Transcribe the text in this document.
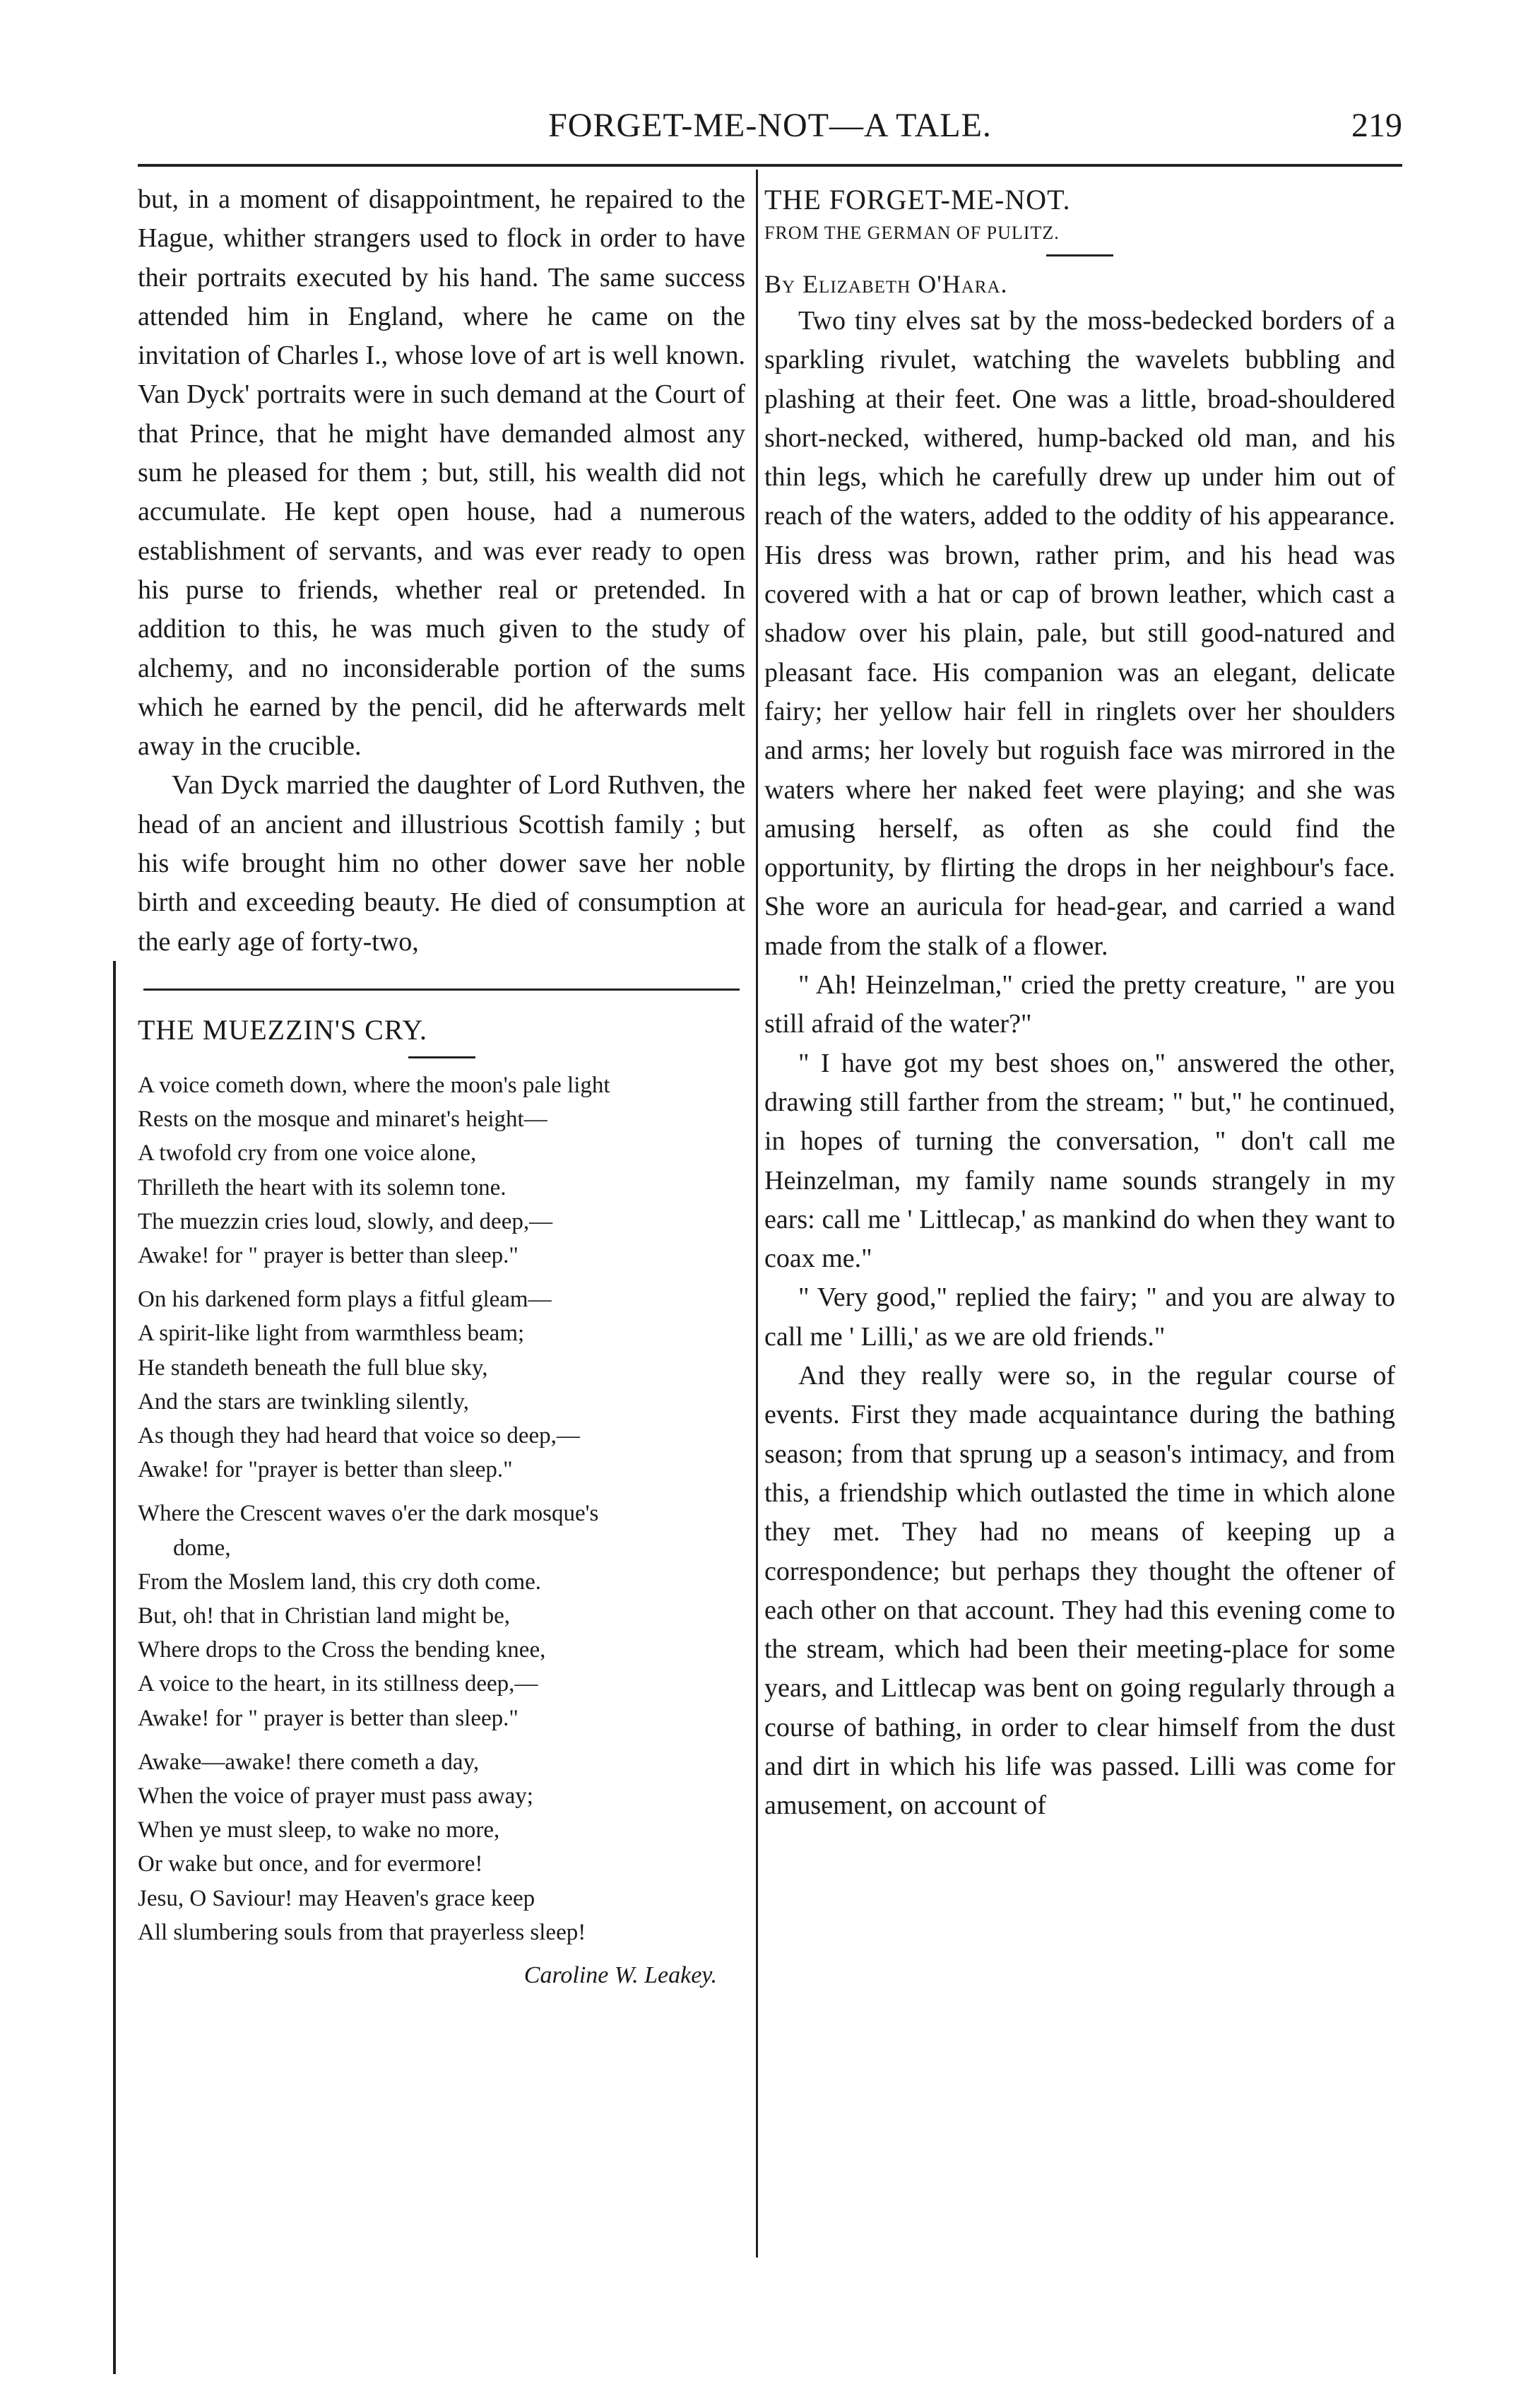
FORGET-ME-NOT—A TALE.	219

but, in a moment of disappointment, he repaired to the Hague, whither strangers used to flock in order to have their portraits executed by his hand. The same success attended him in England, where he came on the invitation of Charles I., whose love of art is well known. Van Dyck' portraits were in such demand at the Court of that Prince, that he might have demanded almost any sum he pleased for them ; but, still, his wealth did not accumulate. He kept open house, had a numerous establishment of servants, and was ever ready to open his purse to friends, whether real or pretended. In addition to this, he was much given to the study of alchemy, and no inconsiderable portion of the sums which he earned by the pencil, did he afterwards melt away in the crucible.

Van Dyck married the daughter of Lord Ruthven, the head of an ancient and illustrious Scottish family ; but his wife brought him no other dower save her noble birth and exceeding beauty. He died of consumption at the early age of forty-two,

THE MUEZZIN'S CRY.

A voice cometh down, where the moon's pale light
Rests on the mosque and minaret's height—
A twofold cry from one voice alone,
Thrilleth the heart with its solemn tone.
The muezzin cries loud, slowly, and deep,—
Awake! for " prayer is better than sleep."
On his darkened form plays a fitful gleam—
A spirit-like light from warmthless beam;
He standeth beneath the full blue sky,
And the stars are twinkling silently,
As though they had heard that voice so deep,—
Awake! for "prayer is better than sleep."
Where the Crescent waves o'er the dark mosque's
dome,
From the Moslem land, this cry doth come.
But, oh! that in Christian land might be,
Where drops to the Cross the bending knee,
A voice to the heart, in its stillness deep,—
Awake! for " prayer is better than sleep."
Awake—awake! there cometh a day,
When the voice of prayer must pass away;
When ye must sleep, to wake no more,
Or wake but once, and for evermore!
Jesu, O Saviour! may Heaven's grace keep
All slumbering souls from that prayerless sleep!
Caroline W. Leakey.

THE FORGET-ME-NOT.

FROM THE GERMAN OF PULITZ.

By Elizabeth O'Hara.

Two tiny elves sat by the moss-bedecked borders of a sparkling rivulet, watching the wavelets bubbling and plashing at their feet. One was a little, broad-shouldered short-necked, withered, hump-backed old man, and his thin legs, which he carefully drew up under him out of reach of the waters, added to the oddity of his appearance. His dress was brown, rather prim, and his head was covered with a hat or cap of brown leather, which cast a shadow over his plain, pale, but still good-natured and pleasant face. His companion was an elegant, delicate fairy; her yellow hair fell in ringlets over her shoulders and arms; her lovely but roguish face was mirrored in the waters where her naked feet were playing; and she was amusing herself, as often as she could find the opportunity, by flirting the drops in her neighbour's face. She wore an auricula for head-gear, and carried a wand made from the stalk of a flower.

" Ah! Heinzelman," cried the pretty creature, " are you still afraid of the water?"

" I have got my best shoes on," answered the other, drawing still farther from the stream; " but," he continued, in hopes of turning the conversation, " don't call me Heinzelman, my family name sounds strangely in my ears: call me ' Littlecap,' as mankind do when they want to coax me."

" Very good," replied the fairy; " and you are alway to call me ' Lilli,' as we are old friends."

And they really were so, in the regular course of events. First they made acquaintance during the bathing season; from that sprung up a season's intimacy, and from this, a friendship which outlasted the time in which alone they met. They had no means of keeping up a correspondence; but perhaps they thought the oftener of each other on that account. They had this evening come to the stream, which had been their meeting-place for some years, and Littlecap was bent on going regularly through a course of bathing, in order to clear himself from the dust and dirt in which his life was passed. Lilli was come for amusement, on account of
